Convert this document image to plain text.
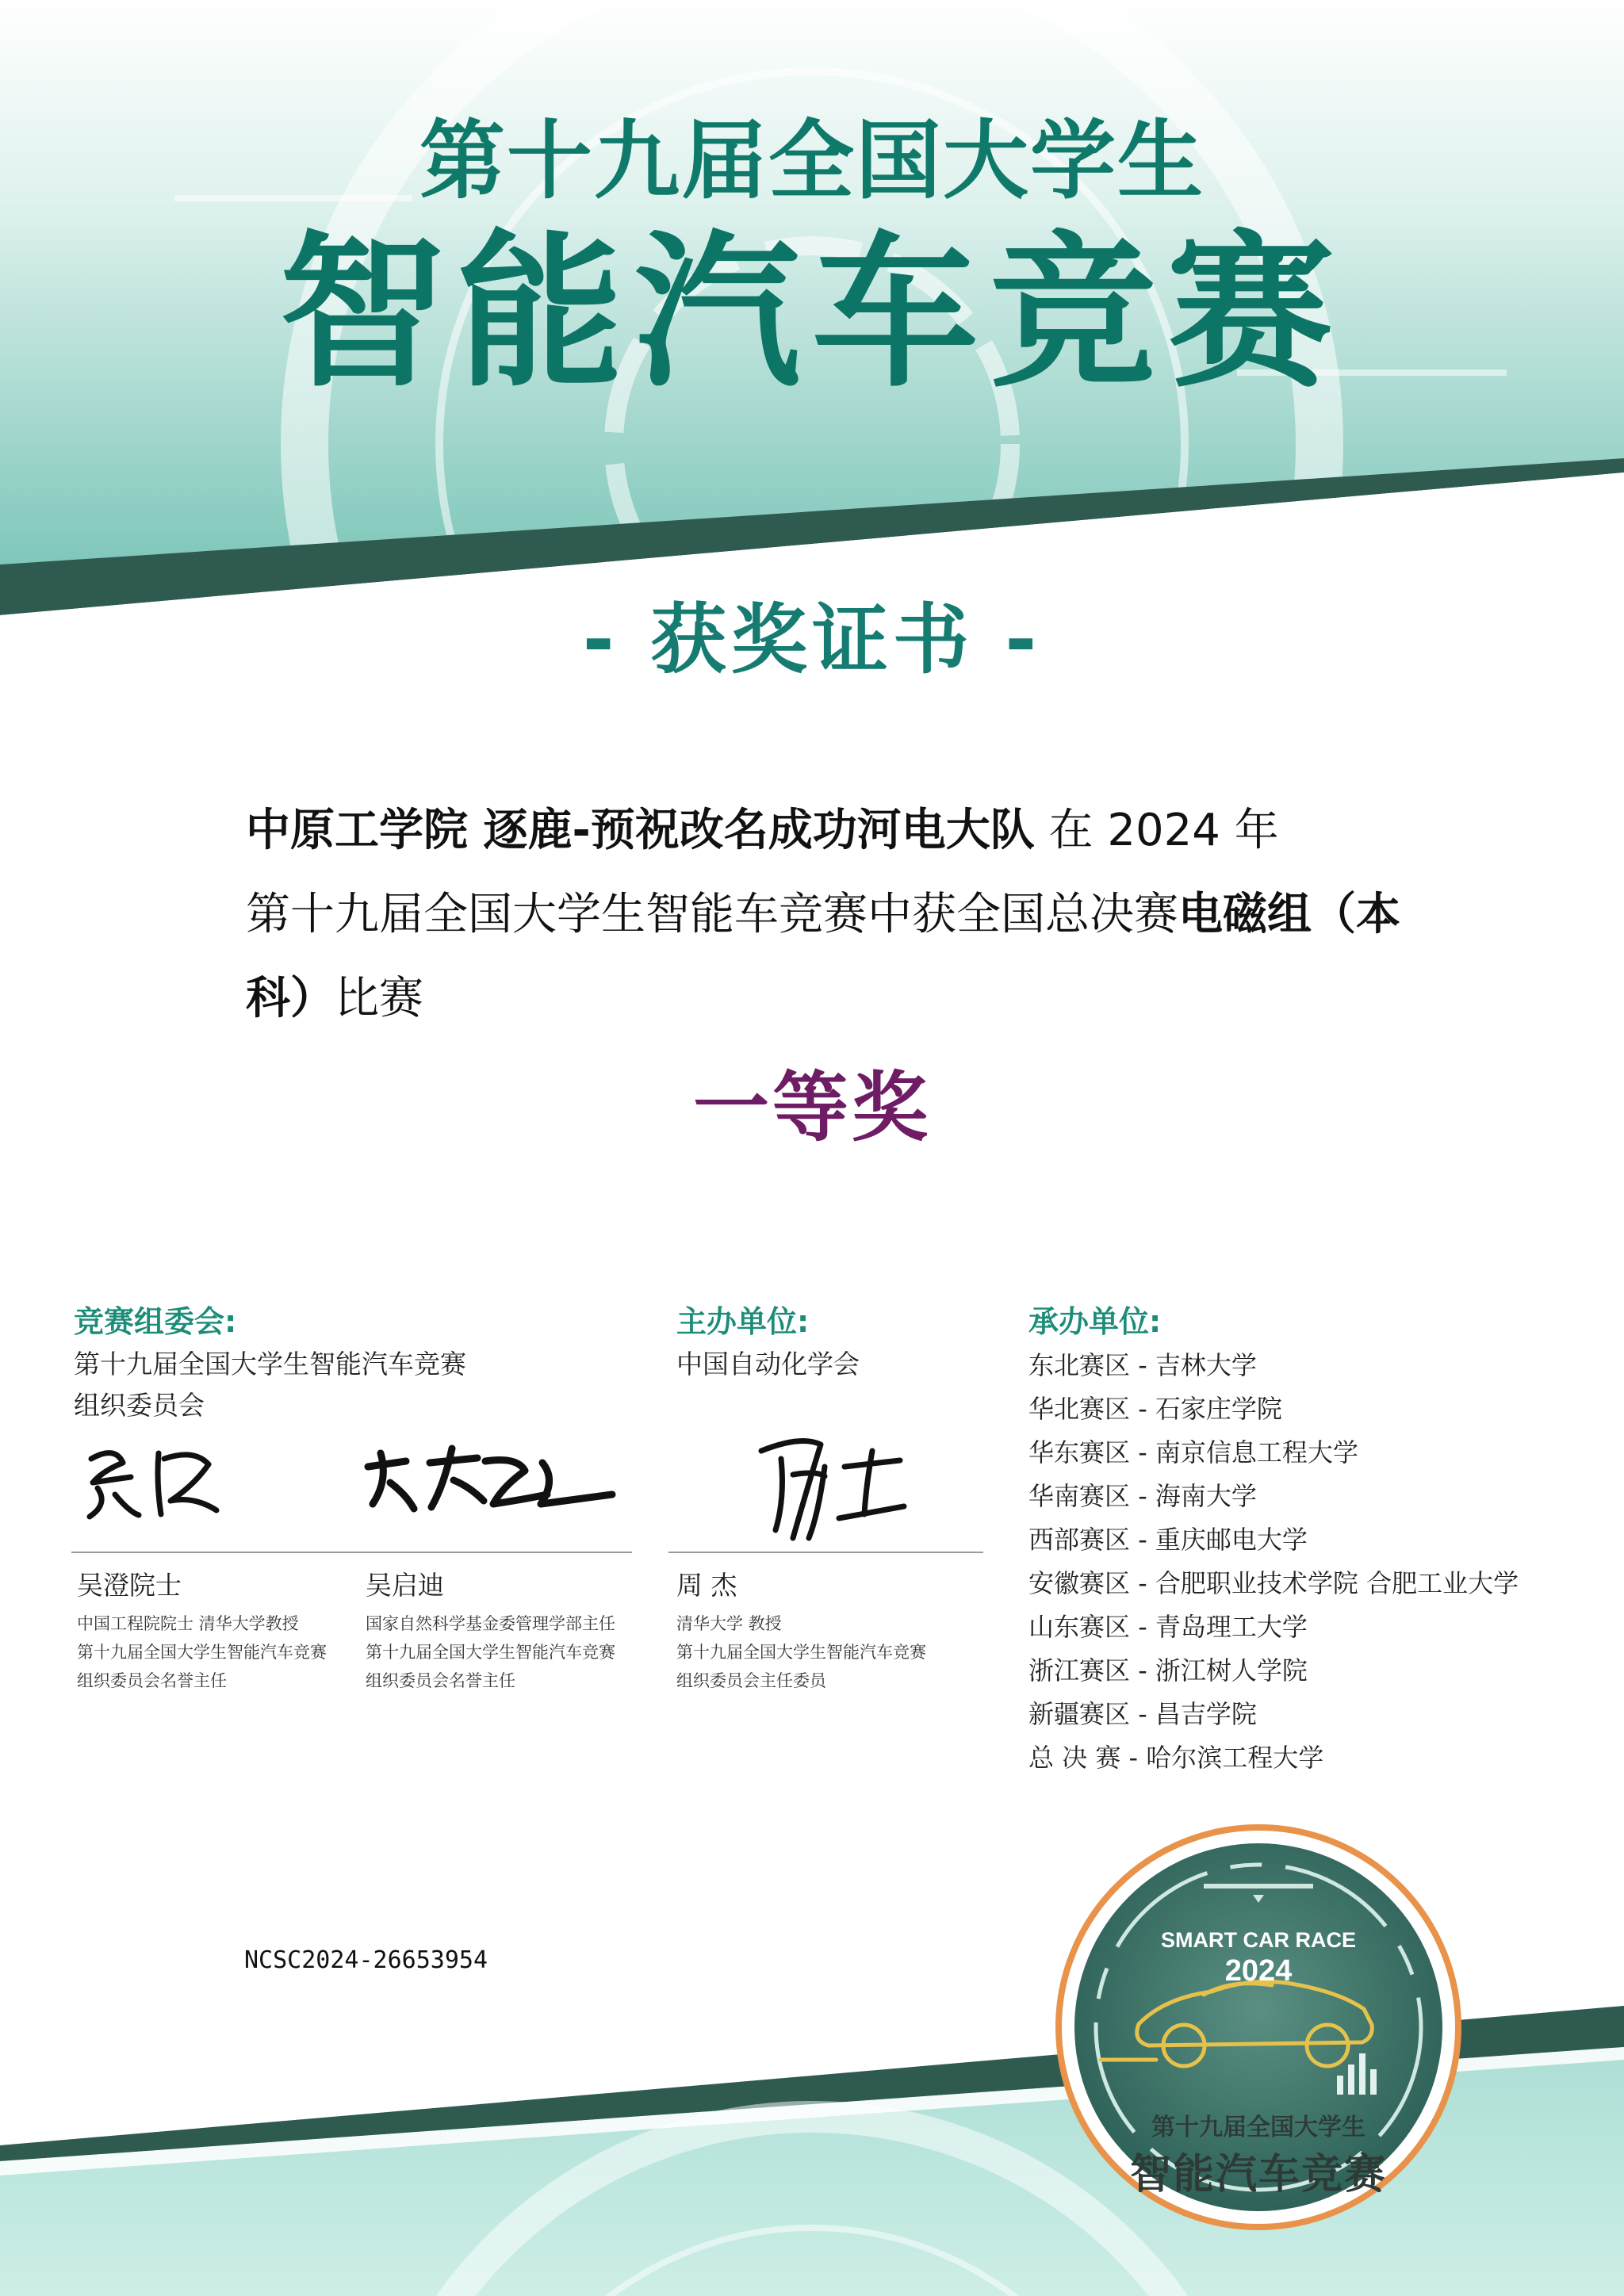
第十九届全国大学生
智能汽车竞赛
- 获奖证书 -
中原工学院 逐鹿-预祝改名成功河电大队 在 2024 年
第十九届全国大学生智能车竞赛中获全国总决赛电磁组（本科）比赛
一等奖
竞赛组委会:
第十九届全国大学生智能汽车竞赛
组织委员会
吴澄院士
中国工程院院士 清华大学教授
第十九届全国大学生智能汽车竞赛
组织委员会名誉主任
吴启迪
国家自然科学基金委管理学部主任
第十九届全国大学生智能汽车竞赛
组织委员会名誉主任
主办单位:
中国自动化学会
周 杰
清华大学 教授
第十九届全国大学生智能汽车竞赛
组织委员会主任委员
承办单位:
东北赛区 - 吉林大学
华北赛区 - 石家庄学院
华东赛区 - 南京信息工程大学
华南赛区 - 海南大学
西部赛区 - 重庆邮电大学
安徽赛区 - 合肥职业技术学院 合肥工业大学
山东赛区 - 青岛理工大学
浙江赛区 - 浙江树人学院
新疆赛区 - 昌吉学院
总 决 赛 - 哈尔滨工程大学
NCSC2024-26653954
SMART CAR RACE
2024
第十九届全国大学生
智能汽车竞赛
